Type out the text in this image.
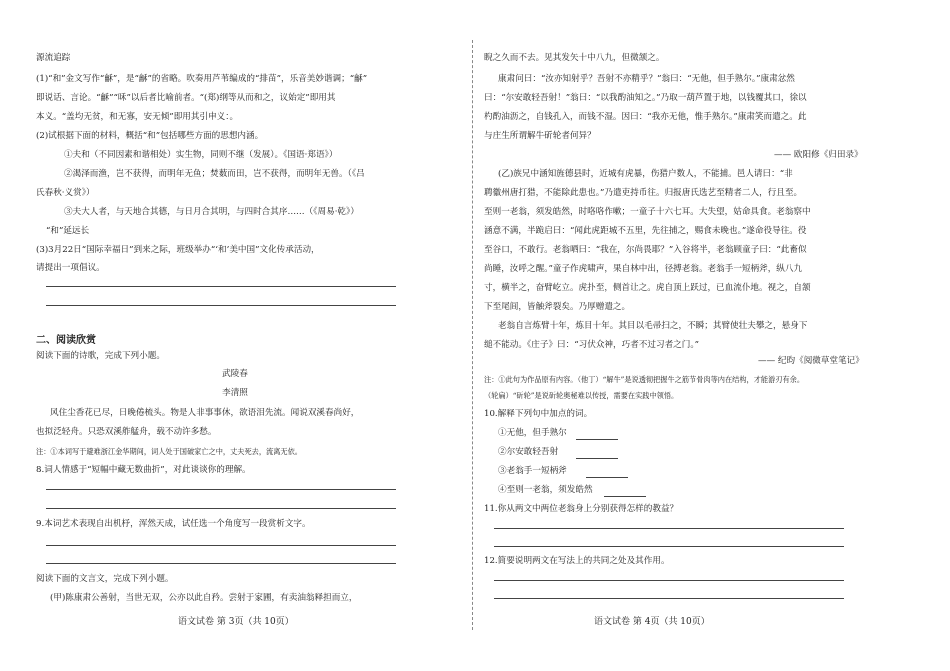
源流追踪
(1)“和”金文写作“龢”，是“龢”的省略。吹奏用芦苇编成的“排苗”，乐音美妙谐调；“龢”
即说话、言论。“龢”“咊”以后者比喻前者。“(郑)纲等从而和之，议始定”即用其
本义。“盖均无贫，和无寡，安无倾”即用其引申义：。
(2)试根据下面的材料，概括“和”包括哪些方面的思想内涵。
①夫和（不同因素和谐相处）实生物，同则不继（发展）。《国语·郑语》）
②渴泽而渔，岂不获得，而明年无鱼；焚薮而田，岂不获得，而明年无兽。（《吕
氏春秋·义赏》）
③夫大人者，与天地合其德，与日月合其明，与四时合其序……（《周易·乾》）
“和”延远长
(3)3月22日“国际幸福日”到来之际，班级举办“‘和’美中国”文化传承活动，
请提出一项倡议。
二、阅读欣赏
阅读下面的诗歌，完成下列小题。
武陵春
李清照
风住尘香花已尽，日晚倦梳头。物是人非事事休，欲语泪先流。闻说双溪春尚好，
也拟泛轻舟。只恐双溪舴艋舟，载不动许多愁。
注：①本词写于避难浙江金华期间，词人处于国破家亡之中，丈夫死去，流离无依。
8.词人情感于“短幅中藏无数曲折”，对此谈谈你的理解。
9.本词艺术表现自出机杼，浑然天成，试任选一个角度写一段赏析文字。
阅读下面的文言文，完成下列小题。
(甲)陈康肃公善射，当世无双，公亦以此自矜。尝射于家圃，有卖油翁释担而立，
语文试卷 第 3页（共 10页）
睨之久而不去。见其发矢十中八九，但微颔之。
康肃问曰：“汝亦知射乎？吾射不亦精乎？”翁曰：“无他，但手熟尔。”康肃忿然
曰：“尔安敢轻吾射！”翁曰：“以我酌油知之。”乃取一葫芦置于地，以钱覆其口，徐以
杓酌油沥之，自钱孔入，而钱不湿。因曰：“我亦无他，惟手熟尔。”康肃笑而遣之。此
与庄生所谓解牛斫轮者何异？
—— 欧阳修《归田录》
(乙)族兄中涵知旌德县时，近城有虎暴，伤猎户数人，不能捕。邑人请曰：“非
聘徽州唐打猎，不能除此患也。”乃遣吏持币往。归报唐氏选艺至精者二人，行且至。
至则一老翁，须发皓然，时咯咯作嗽；一童子十六七耳。大失望，姑命具食。老翁察中
涵意不满，半跪启曰：“闻此虎距城不五里，先往捕之，赐食未晚也。”遂命役导往。役
至谷口，不敢行。老翁哂曰：“我在，尔尚畏耶？”入谷将半，老翁顾童子曰：“此畜似
尚睡，汝呼之醒。”童子作虎啸声，果自林中出，径搏老翁。老翁手一短柄斧，纵八九
寸，横半之，奋臂屹立。虎扑至，侧首让之。虎自顶上跃过，已血流仆地。视之，自颔
下至尾闾，皆触斧裂矣。乃厚赠遣之。
老翁自言炼臂十年，炼目十年。其目以毛帚扫之，不瞬；其臂使壮夫攀之，悬身下
缒不能动。《庄子》曰：“习伏众神，巧者不过习者之门。”
—— 纪昀《阅微草堂笔记》
注：①此句为作品原有内容。（他丁）“解牛”是说透彻把握牛之筋节骨肉等内在结构，才能游刃有余。
（轮扁）“斫轮”是说斫轮奥秘难以传授，需要在实践中领悟。
10.解释下列句中加点的词。
①无他，但手熟尔
②尔安敢轻吾射
③老翁手一短柄斧
④至则一老翁，须发皓然
11.你从两文中两位老翁身上分别获得怎样的教益？
12.简要说明两文在写法上的共同之处及其作用。
语文试卷 第 4页（共 10页）
